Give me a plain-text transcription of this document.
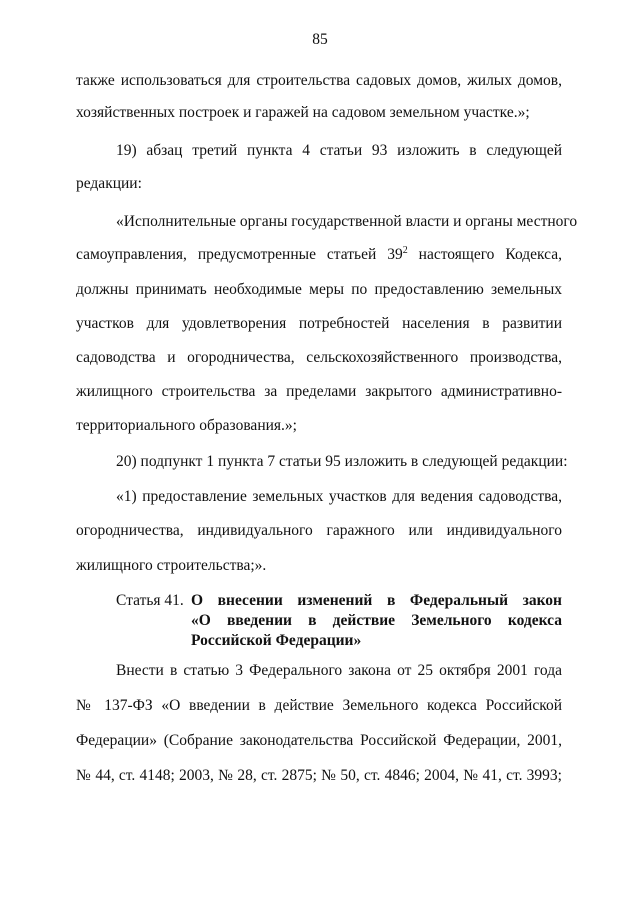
85
также использоваться для строительства садовых домов, жилых домов,
хозяйственных построек и гаражей на садовом земельном участке.»;
19) абзац третий пункта 4 статьи 93 изложить в следующей
редакции:
«Исполнительные органы государственной власти и органы местного
самоуправления, предусмотренные статьей $39^2$ настоящего Кодекса,
должны принимать необходимые меры по предоставлению земельных
участков для удовлетворения потребностей населения в развитии
садоводства и огородничества, сельскохозяйственного производства,
жилищного строительства за пределами закрытого административно-
территориального образования.»;
20) подпункт 1 пункта 7 статьи 95 изложить в следующей редакции:
«1) предоставление земельных участков для ведения садоводства,
огородничества, индивидуального гаражного или индивидуального
жилищного строительства;».
Статья 41. О внесении изменений в Федеральный закон
«О введении в действие Земельного кодекса
Российской Федерации»
Внести в статью 3 Федерального закона от 25 октября 2001 года
№ 137-ФЗ «О введении в действие Земельного кодекса Российской
Федерации» (Собрание законодательства Российской Федерации, 2001,
№ 44, ст. 4148; 2003, № 28, ст. 2875; № 50, ст. 4846; 2004, № 41, ст. 3993;
